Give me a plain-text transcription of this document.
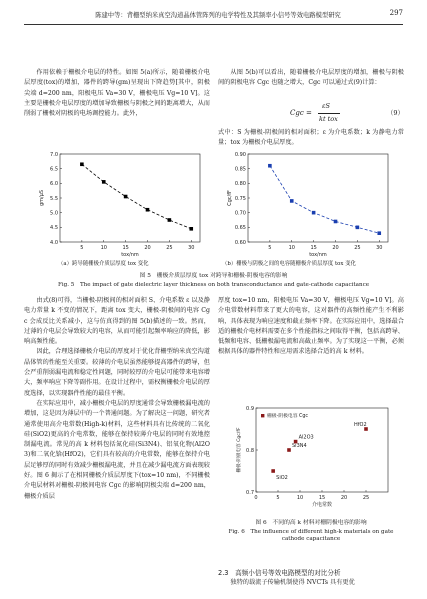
陈建中等：背栅型纳米真空沟道晶体管阵列的电学特性及其频率小信号等效电路模型研究	297

作用依赖于栅极介电层的特性。如图 5(a)所示，随着栅极介电层厚度(tox)的增加，器件的跨导(gm)呈现出下降趋势[其中，阴极尖端 d=200 nm，阳极电压 Va=30 V，栅极电压 Vg=10 V]。这主要是栅极介电层厚度的增加导致栅极与阴极之间的距离增大，从而削弱了栅极对阴极的电场调控能力。此外，

从图 5(b)可以看出，随着栅极介电层厚度的增加，栅极与阴极间的阴极电容 Cgc 也随之增大，Cgc 可以通过式(9)计算：

Cgc =
εS
kt tox
（9）

式中：S 为栅极-阴极间的相对面积；ε 为介电系数；k 为静电力常量；tox 为栅极介电层厚度。

4.0
4.5
5.0
5.5
6.0
6.5
7.0
5	10	15	20	25	30
tox/nm
gm/μS
0.60
0.65
0.70
0.75
0.80
0.85
0.90
5	10	15	20	25	30
tox/nm
Cgc/fF
（a）跨导随栅极介质层厚度 tox 变化	（b）栅极与阴极之间的电容随栅极介质层厚度 tox 变化
图 5　栅极介质层厚度 tox 对跨导和栅极-阴极电容的影响
Fig. 5　The impact of gate dielectric layer thickness on both transconductance and gate-cathode capacitance

由式(8)可得，当栅极-阴极间的相对面积 S、介电系数 ε 以及静电力常量 k 不变的情况下，距离 tox 变大，栅极-阴极间的电容 Cgc 会成反比关系减小，这与仿真得到的图 5(b)描述的一致。然而，过薄的介电层会导致较大的电容，从而可能引起频率响应的降低，影响高频性能。

因此，合理选择栅极介电层的厚度对于优化背栅型纳米真空沟道晶体管的性能至关重要。较薄的介电层虽然能够提高器件的跨导，但会严重削弱漏电流和稳定性问题，同时较厚的介电层可能带来电容增大，频率响应下降等副作用。在设计过程中，需权衡栅极介电层的厚度选择，以实现器件性能的最佳平衡。

在实际应用中，减小栅极介电层的厚度通常会导致栅极漏电流的增加，这是因为薄层中的一个普通问题。为了解决这一问题，研究者通常使用高介电常数(High-k)材料，这些材料具有比传统的二氧化硅(SiO2)更高的介电常数，能够在保持较薄介电层的同时有效地控制漏电流。常见的高 k 材料包括氮化硅(Si3N4)、铝氧化物(Al2O3)和二氧化铪(HfO2)，它们具有较高的介电常数，能够在保持介电层足够厚的同时有效减少栅极漏电流，并且在减少漏电流方面表现较好。图 6 揭示了在相同栅极介质层厚度下(tox=10 nm)，不同栅极介电层材料对栅极-阴极间电容 Cgc 的影响[阴极尖端 d=200 nm，栅极介质层

厚度 tox=10 nm，阳极电压 Va=30 V，栅极电压 Vg=10 V]。高介电常数材料带来了更大的电容，这对器件的高频性能产生不利影响，具体表现为响应速度和截止频率下降。在实际应用中，选择最合适的栅极介电材料需要在多个性能指标之间取得平衡，包括高跨导、低频和电容、低栅极漏电流和高截止频率。为了实现这一平衡，必须根据具体的器件特性和应用需求选择合适的高 k 材料。

0.7
0.8
0.9
0	5	10	15	20	25
介电常数
栅极-阴极电容 Cgc/fF
栅极-阴极电容 Cgc
SiO2
Si3N4
Al2O3
HfO2
图 6　不同的高 k 材料对栅阴极电容的影响
Fig. 6　The influence of different high-k materials on gate
cathode capacitance
2.3　高频小信号等效电路模型的对比分析

独特的载流子传输机制使得 NVCTs 具有更优
